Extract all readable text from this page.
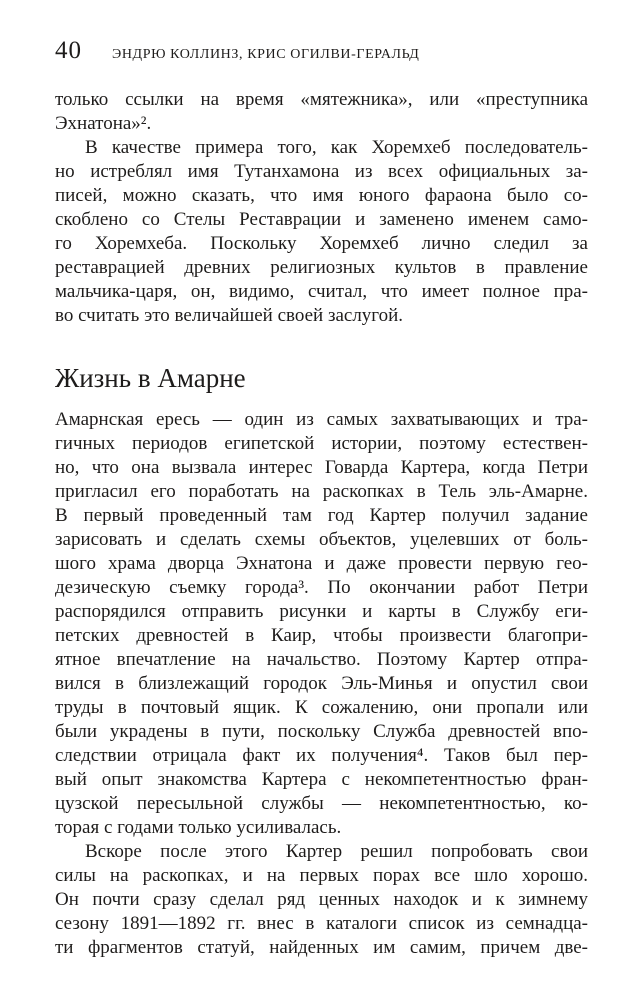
40 ЭНДРЮ КОЛЛИНЗ, КРИС ОГИЛВИ-ГЕРАЛЬД
только ссылки на время «мятежника», или «преступника
Эхнатона»².
В качестве примера того, как Хоремхеб последователь-
но истреблял имя Тутанхамона из всех официальных за-
писей, можно сказать, что имя юного фараона было со-
скоблено со Стелы Реставрации и заменено именем само-
го Хоремхеба. Поскольку Хоремхеб лично следил за
реставрацией древних религиозных культов в правление
мальчика-царя, он, видимо, считал, что имеет полное пра-
во считать это величайшей своей заслугой.
Жизнь в Амарне
Амарнская ересь — один из самых захватывающих и тра-
гичных периодов египетской истории, поэтому естествен-
но, что она вызвала интерес Говарда Картера, когда Петри
пригласил его поработать на раскопках в Тель эль-Амарне.
В первый проведенный там год Картер получил задание
зарисовать и сделать схемы объектов, уцелевших от боль-
шого храма дворца Эхнатона и даже провести первую гео-
дезическую съемку города³. По окончании работ Петри
распорядился отправить рисунки и карты в Службу еги-
петских древностей в Каир, чтобы произвести благопри-
ятное впечатление на начальство. Поэтому Картер отпра-
вился в близлежащий городок Эль-Минья и опустил свои
труды в почтовый ящик. К сожалению, они пропали или
были украдены в пути, поскольку Служба древностей впо-
следствии отрицала факт их получения⁴. Таков был пер-
вый опыт знакомства Картера с некомпетентностью фран-
цузской пересыльной службы — некомпетентностью, ко-
торая с годами только усиливалась.
Вскоре после этого Картер решил попробовать свои
силы на раскопках, и на первых порах все шло хорошо.
Он почти сразу сделал ряд ценных находок и к зимнему
сезону 1891—1892 гг. внес в каталоги список из семнадца-
ти фрагментов статуй, найденных им самим, причем две-
